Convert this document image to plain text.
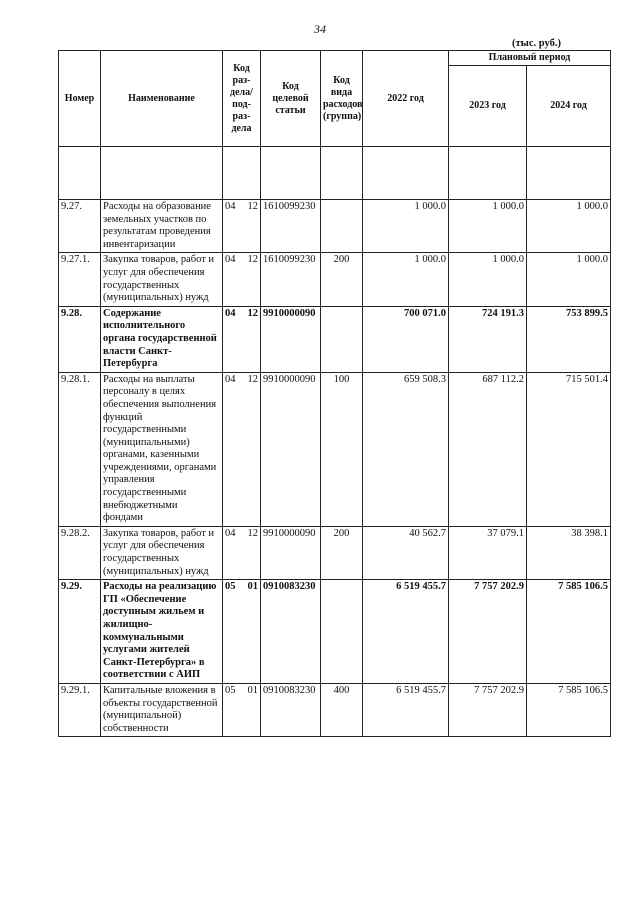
34
(тыс. руб.)
Номер	Наименование	Код раз-дела/ под-раз-дела	Код целевой статьи	Код вида расходов (группа)	2022 год	Плановый период	
						2023 год	2024 год

9.27.	Расходы на образование земельных участков по результатам проведения инвентаризации	04 12	1610099230		1 000.0	1 000.0	1 000.0
9.27.1.	Закупка товаров, работ и услуг для обеспечения государственных (муниципальных) нужд	04 12	1610099230	200	1 000.0	1 000.0	1 000.0
9.28.	Содержание исполнительного органа государственной власти Санкт-Петербурга	04 12	9910000090		700 071.0	724 191.3	753 899.5
9.28.1.	Расходы на выплаты персоналу в целях обеспечения выполнения функций государственными (муниципальными) органами, казенными учреждениями, органами управления государственными внебюджетными фондами	04 12	9910000090	100	659 508.3	687 112.2	715 501.4
9.28.2.	Закупка товаров, работ и услуг для обеспечения государственных (муниципальных) нужд	04 12	9910000090	200	40 562.7	37 079.1	38 398.1
9.29.	Расходы на реализацию ГП «Обеспечение доступным жильем и жилищно-коммунальными услугами жителей Санкт-Петербурга» в соответствии с АИП	05 01	0910083230		6 519 455.7	7 757 202.9	7 585 106.5
9.29.1.	Капитальные вложения в объекты государственной (муниципальной) собственности	05 01	0910083230	400	6 519 455.7	7 757 202.9	7 585 106.5
